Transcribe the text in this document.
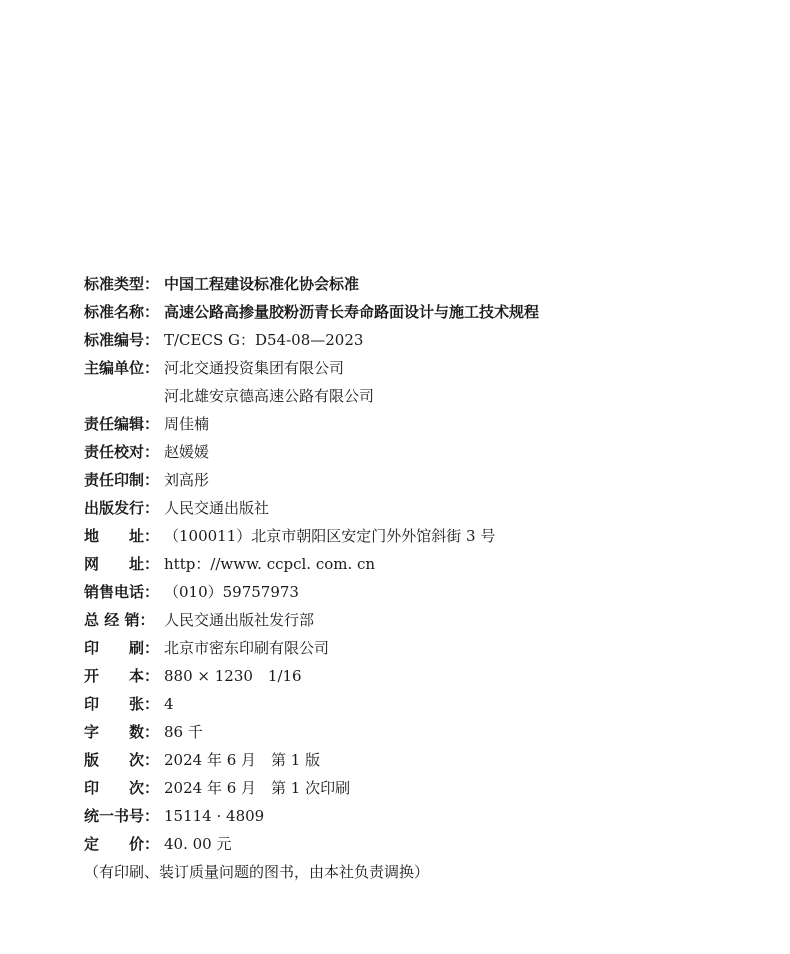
标准类型： 中国工程建设标准化协会标准
标准名称： 高速公路高掺量胶粉沥青长寿命路面设计与施工技术规程
标准编号： T/CECS G：D54-08—2023
主编单位： 河北交通投资集团有限公司
河北雄安京德高速公路有限公司
责任编辑： 周佳楠
责任校对： 赵媛媛
责任印制： 刘高彤
出版发行： 人民交通出版社
地　　址： （100011）北京市朝阳区安定门外外馆斜街 3 号
网　　址： http：//www. ccpcl. com. cn
销售电话： （010）59757973
总 经 销： 人民交通出版社发行部
印　　刷： 北京市密东印刷有限公司
开　　本： 880 × 1230　1/16
印　　张： 4
字　　数： 86 千
版　　次： 2024 年 6 月　第 1 版
印　　次： 2024 年 6 月　第 1 次印刷
统一书号： 15114 · 4809
定　　价： 40. 00 元
（有印刷、装订质量问题的图书，由本社负责调换）
